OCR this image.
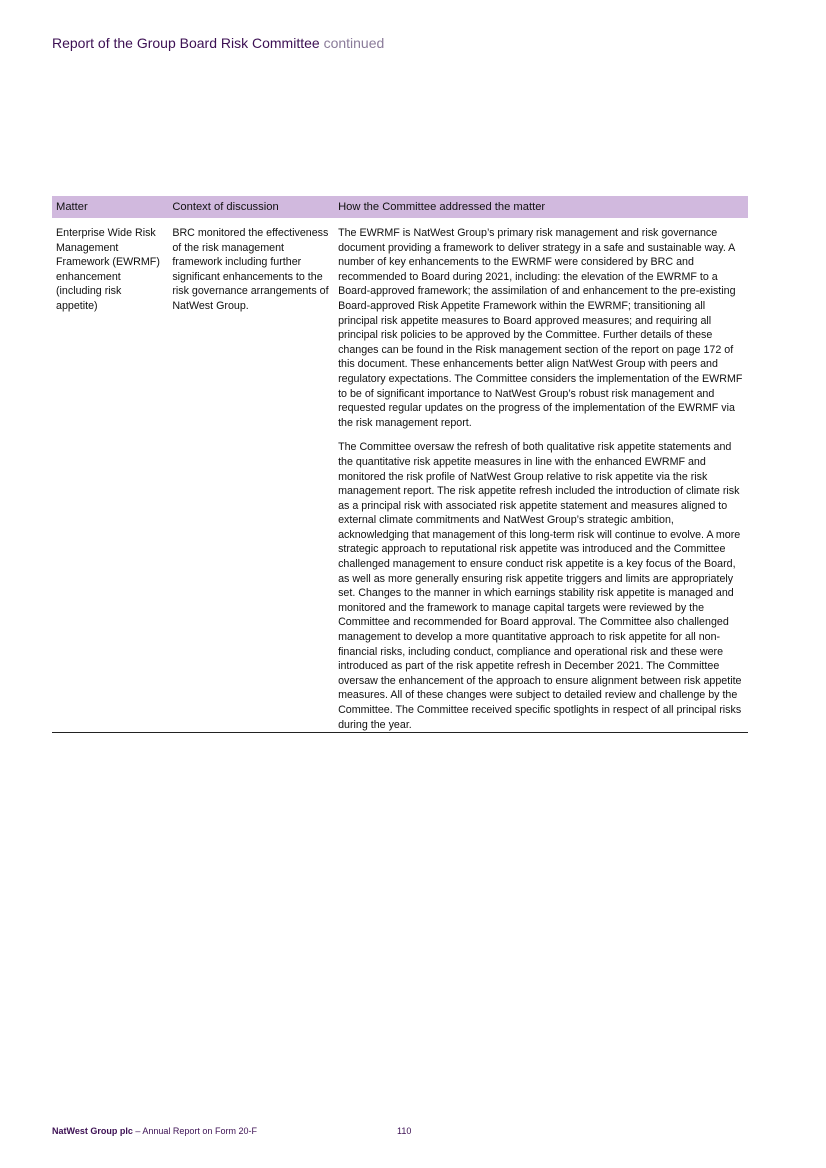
Report of the Group Board Risk Committee continued
Matter	Context of discussion	How the Committee addressed the matter
Enterprise Wide Risk Management Framework (EWRMF) enhancement (including risk appetite)	BRC monitored the effectiveness of the risk management framework including further significant enhancements to the risk governance arrangements of NatWest Group.	The EWRMF is NatWest Group’s primary risk management and risk governance document providing a framework to deliver strategy in a safe and sustainable way. A number of key enhancements to the EWRMF were considered by BRC and recommended to Board during 2021, including: the elevation of the EWRMF to a Board-approved framework; the assimilation of and enhancement to the pre-existing Board-approved Risk Appetite Framework within the EWRMF; transitioning all principal risk appetite measures to Board approved measures; and requiring all principal risk policies to be approved by the Committee. Further details of these changes can be found in the Risk management section of the report on page 172 of this document. These enhancements better align NatWest Group with peers and regulatory expectations. The Committee considers the implementation of the EWRMF to be of significant importance to NatWest Group’s robust risk management and requested regular updates on the progress of the implementation of the EWRMF via the risk management report.

The Committee oversaw the refresh of both qualitative risk appetite statements and the quantitative risk appetite measures in line with the enhanced EWRMF and monitored the risk profile of NatWest Group relative to risk appetite via the risk management report. The risk appetite refresh included the introduction of climate risk as a principal risk with associated risk appetite statement and measures aligned to external climate commitments and NatWest Group’s strategic ambition, acknowledging that management of this long-term risk will continue to evolve. A more strategic approach to reputational risk appetite was introduced and the Committee challenged management to ensure conduct risk appetite is a key focus of the Board, as well as more generally ensuring risk appetite triggers and limits are appropriately set. Changes to the manner in which earnings stability risk appetite is managed and monitored and the framework to manage capital targets were reviewed by the Committee and recommended for Board approval. The Committee also challenged management to develop a more quantitative approach to risk appetite for all non-financial risks, including conduct, compliance and operational risk and these were introduced as part of the risk appetite refresh in December 2021. The Committee oversaw the enhancement of the approach to ensure alignment between risk appetite measures. All of these changes were subject to detailed review and challenge by the Committee. The Committee received specific spotlights in respect of all principal risks during the year.

NatWest Group plc – Annual Report on Form 20-F	110
